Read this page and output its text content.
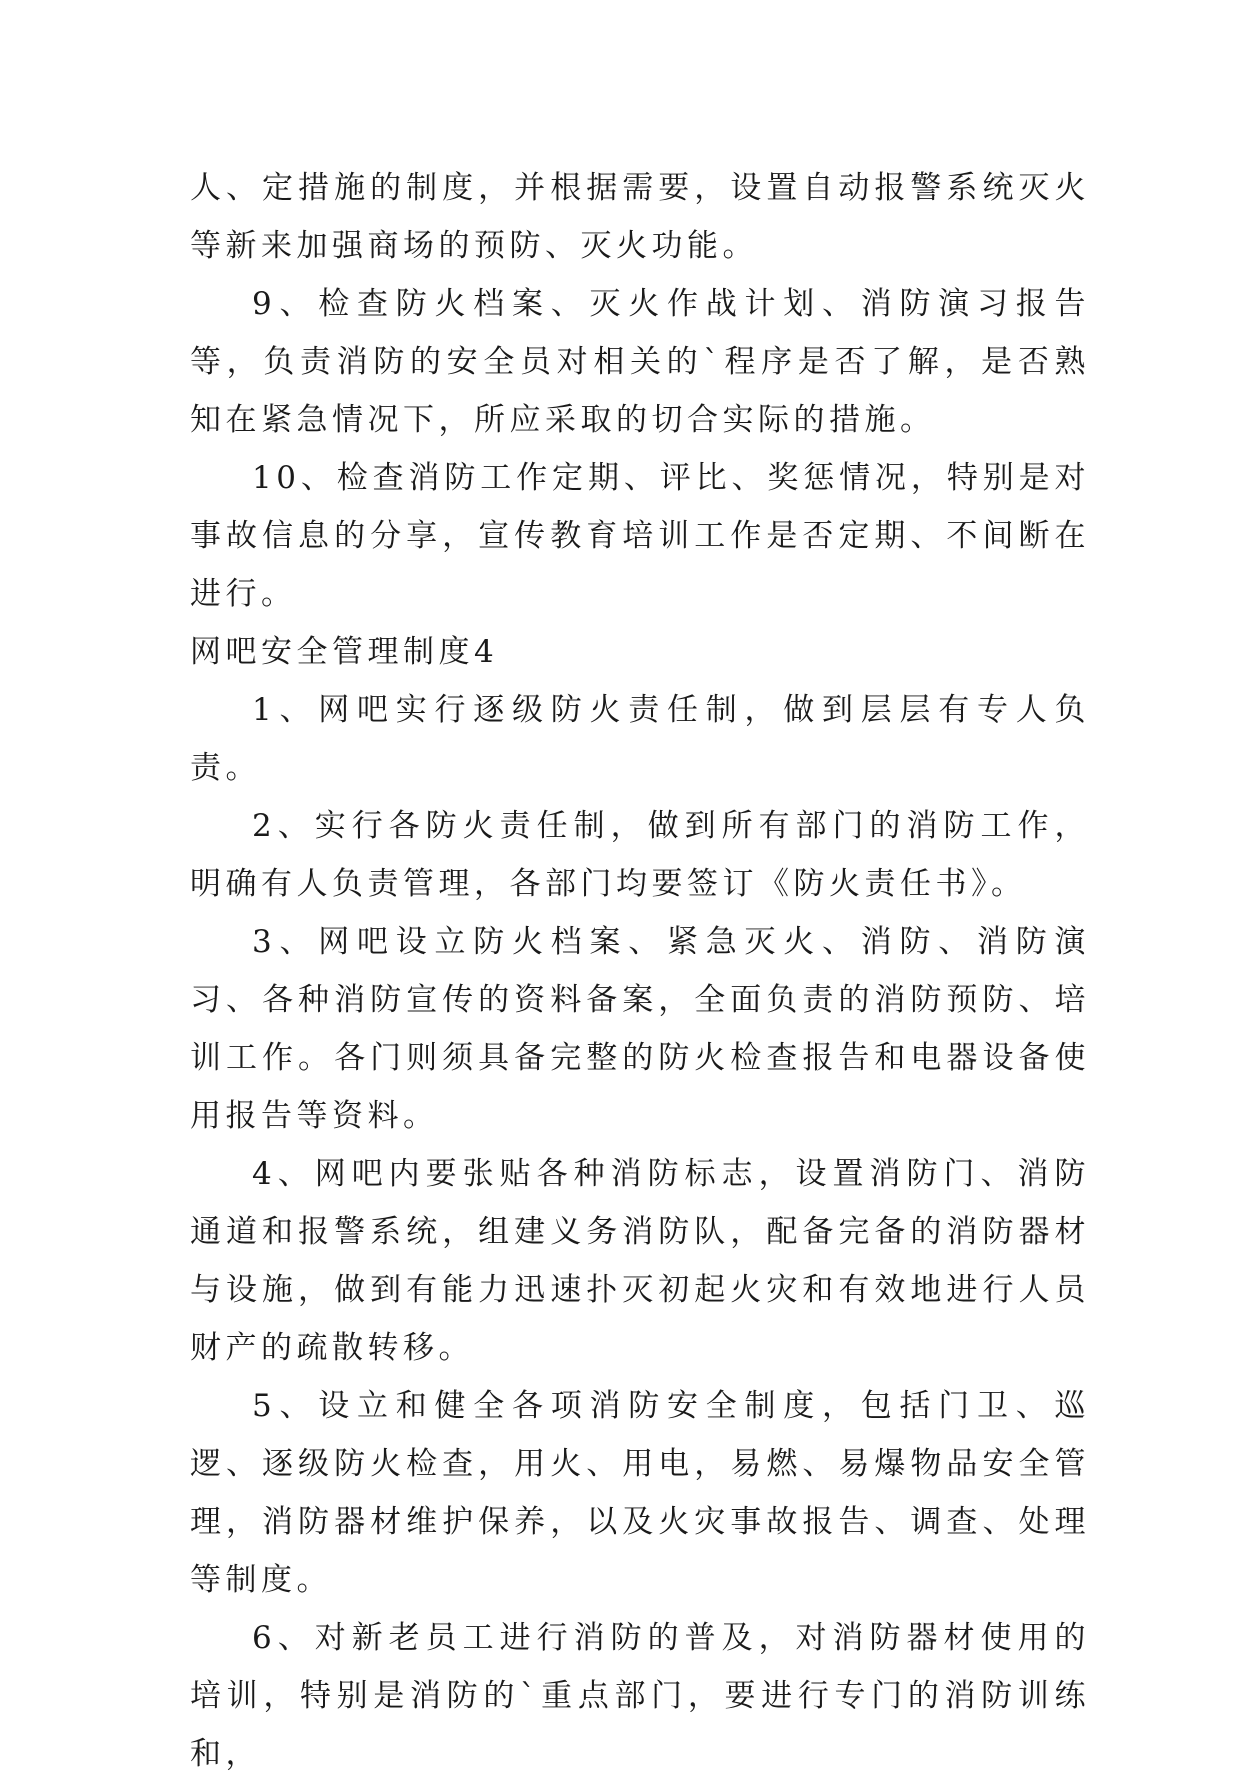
人、定措施的制度，并根据需要，设置自动报警系统灭火等新来加强商场的预防、灭火功能。

9、检查防火档案、灭火作战计划、消防演习报告等，负责消防的安全员对相关的`程序是否了解，是否熟知在紧急情况下，所应采取的切合实际的措施。

10、检查消防工作定期、评比、奖惩情况，特别是对事故信息的分享，宣传教育培训工作是否定期、不间断在进行。

网吧安全管理制度4

1、网吧实行逐级防火责任制，做到层层有专人负责。

2、实行各防火责任制，做到所有部门的消防工作，明确有人负责管理，各部门均要签订《防火责任书》。

3、网吧设立防火档案、紧急灭火、消防、消防演习、各种消防宣传的资料备案，全面负责的消防预防、培训工作。各门则须具备完整的防火检查报告和电器设备使用报告等资料。

4、网吧内要张贴各种消防标志，设置消防门、消防通道和报警系统，组建义务消防队，配备完备的消防器材与设施，做到有能力迅速扑灭初起火灾和有效地进行人员财产的疏散转移。

5、设立和健全各项消防安全制度，包括门卫、巡逻、逐级防火检查，用火、用电，易燃、易爆物品安全管理，消防器材维护保养，以及火灾事故报告、调查、处理等制度。

6、对新老员工进行消防的普及，对消防器材使用的培训，特别是消防的`重点部门，要进行专门的消防训练和，
